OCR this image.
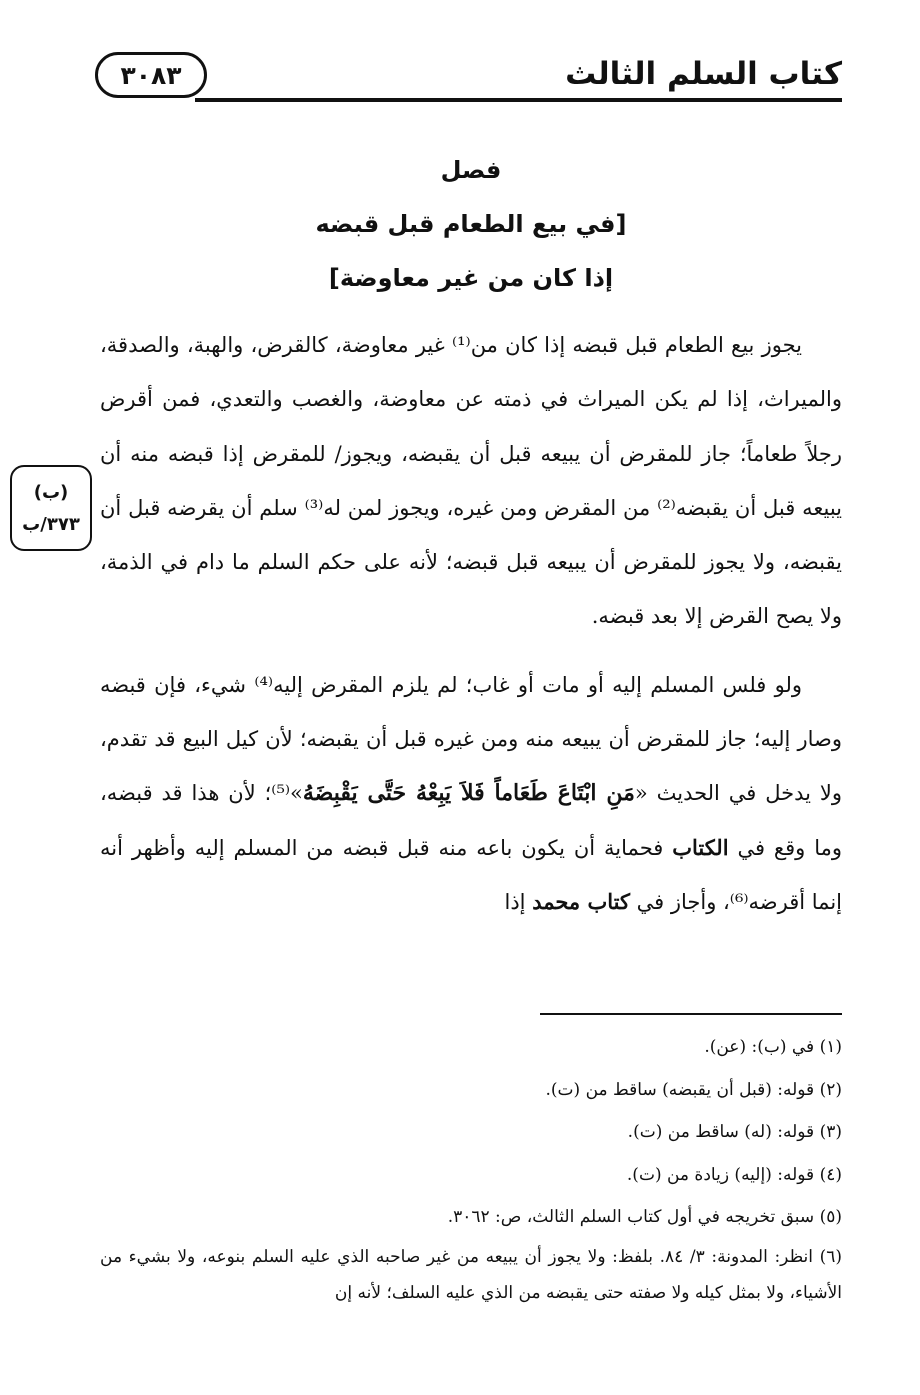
٣٠٨٣	كتاب السلم الثالث
فصل
[في بيع الطعام قبل قبضه
إذا كان من غير معاوضة]
(ب)
٣٧٣/ب

يجوز بيع الطعام قبل قبضه إذا كان من⁽¹⁾ غير معاوضة، كالقرض، والهبة، والصدقة، والميراث، إذا لم يكن الميراث في ذمته عن معاوضة، والغصب والتعدي، فمن أقرض رجلاً طعاماً؛ جاز للمقرض أن يبيعه قبل أن يقبضه، ويجوز/ للمقرض إذا قبضه منه أن يبيعه قبل أن يقبضه⁽²⁾ من المقرض ومن غيره، ويجوز لمن له⁽³⁾ سلم أن يقرضه قبل أن يقبضه، ولا يجوز للمقرض أن يبيعه قبل قبضه؛ لأنه على حكم السلم ما دام في الذمة، ولا يصح القرض إلا بعد قبضه.

ولو فلس المسلم إليه أو مات أو غاب؛ لم يلزم المقرض إليه⁽⁴⁾ شيء، فإن قبضه وصار إليه؛ جاز للمقرض أن يبيعه منه ومن غيره قبل أن يقبضه؛ لأن كيل البيع قد تقدم، ولا يدخل في الحديث «مَنِ ابْتَاعَ طَعَاماً فَلاَ يَبِعْهُ حَتَّى يَقْبِضَهُ»⁽⁵⁾؛ لأن هذا قد قبضه، وما وقع في الكتاب فحماية أن يكون باعه منه قبل قبضه من المسلم إليه وأظهر أنه إنما أقرضه⁽⁶⁾، وأجاز في كتاب محمد إذا

(١) في (ب): (عن).
(٢) قوله: (قبل أن يقبضه) ساقط من (ت).
(٣) قوله: (له) ساقط من (ت).
(٤) قوله: (إليه) زيادة من (ت).
(٥) سبق تخريجه في أول كتاب السلم الثالث، ص: ٣٠٦٢.
(٦) انظر: المدونة: ٣/ ٨٤. بلفظ: ولا يجوز أن يبيعه من غير صاحبه الذي عليه السلم بنوعه، ولا بشيء من الأشياء، ولا بمثل كيله ولا صفته حتى يقبضه من الذي عليه السلف؛ لأنه إن
